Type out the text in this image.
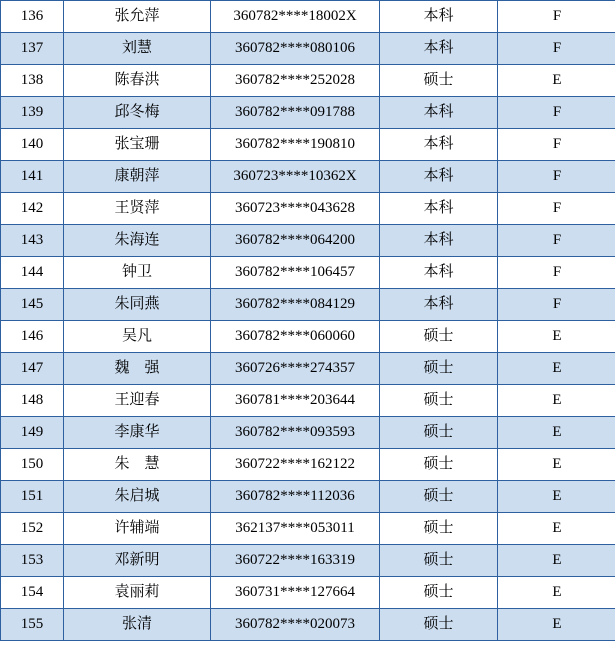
136	张允萍	360782****18002X	本科	F
137	刘慧	360782****080106	本科	F
138	陈春洪	360782****252028	硕士	E
139	邱冬梅	360782****091788	本科	F
140	张宝珊	360782****190810	本科	F
141	康朝萍	360723****10362X	本科	F
142	王贤萍	360723****043628	本科	F
143	朱海连	360782****064200	本科	F
144	钟卫	360782****106457	本科	F
145	朱同燕	360782****084129	本科	F
146	吴凡	360782****060060	硕士	E
147	魏　强	360726****274357	硕士	E
148	王迎春	360781****203644	硕士	E
149	李康华	360782****093593	硕士	E
150	朱　慧	360722****162122	硕士	E
151	朱启城	360782****112036	硕士	E
152	许辅端	362137****053011	硕士	E
153	邓新明	360722****163319	硕士	E
154	袁丽莉	360731****127664	硕士	E
155	张清	360782****020073	硕士	E
